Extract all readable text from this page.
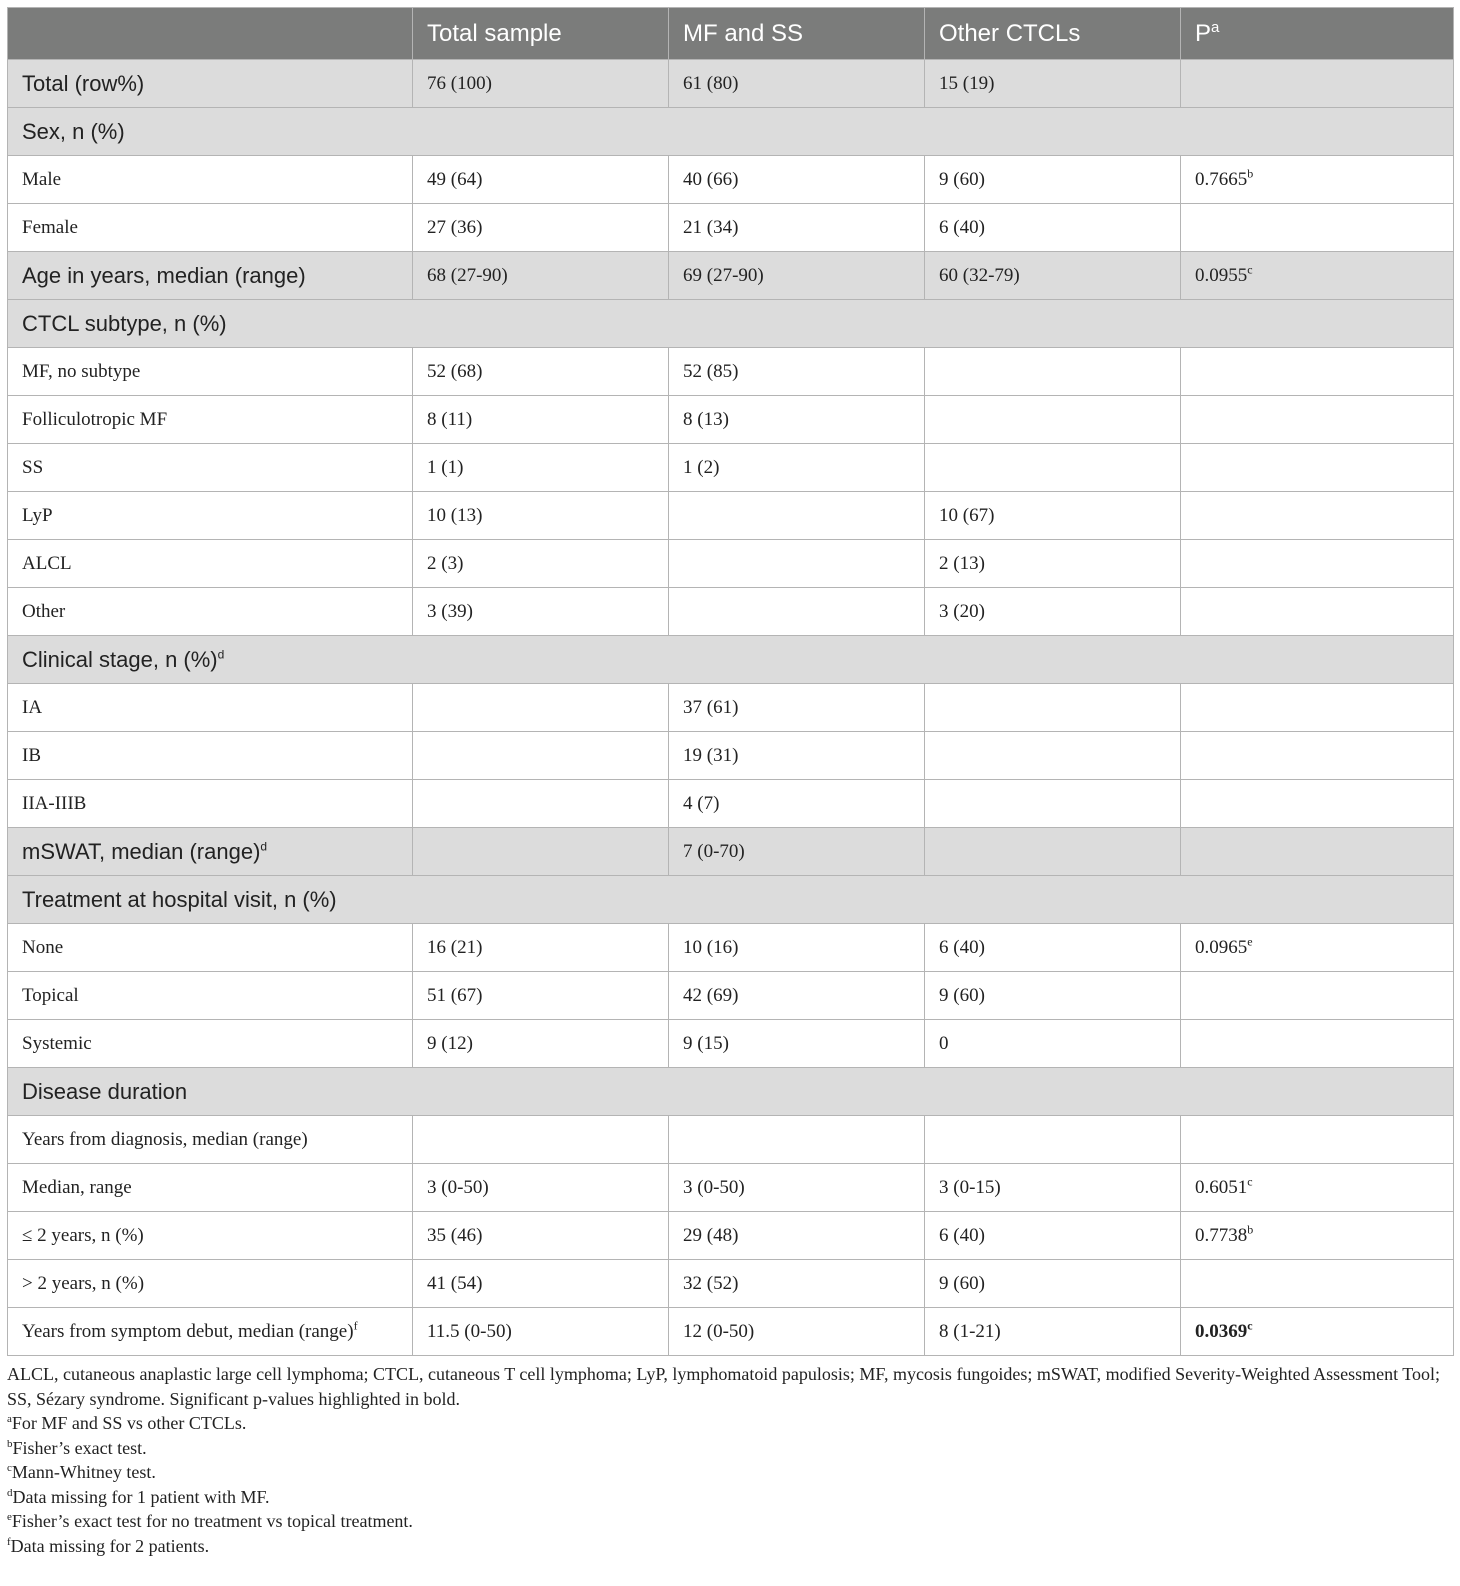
	Total sample	MF and SS	Other CTCLs	$P^a$
Total (row%)	76 (100)	61 (80)	15 (19)	
Sex, n (%)				
Male	49 (64)	40 (66)	9 (60)	0.7665$^b$
Female	27 (36)	21 (34)	6 (40)	
Age in years, median (range)	68 (27-90)	69 (27-90)	60 (32-79)	0.0955$^c$
CTCL subtype, n (%)				
MF, no subtype	52 (68)	52 (85)		
Folliculotropic MF	8 (11)	8 (13)		
SS	1 (1)	1 (2)		
LyP	10 (13)		10 (67)	
ALCL	2 (3)		2 (13)	
Other	3 (39)		3 (20)	
Clinical stage, n (%)$^d$
IA		37 (61)		
IB		19 (31)		
IIA-IIIB		4 (7)		
mSWAT, median (range)$^d$		7 (0-70)		
Treatment at hospital visit, n (%)				
None	16 (21)	10 (16)	6 (40)	0.0965e
Topical	51 (67)	42 (69)	9 (60)	
Systemic	9 (12)	9 (15)	0	
Disease duration				
Years from diagnosis, median (range)				
Median, range	3 (0-50)	3 (0-50)	3 (0-15)	0.6051$^c$
≤ 2 years, n (%)	35 (46)	29 (48)	6 (40)	0.7738$^b$
> 2 years, n (%)	41 (54)	32 (52)	9 (60)	
Years from symptom debut, median (range)$^f$	11.5 (0-50)	12 (0-50)	8 (1-21)	0.0369$^c$

ALCL, cutaneous anaplastic large cell lymphoma; CTCL, cutaneous T cell lymphoma; LyP, lymphomatoid papulosis; MF, mycosis fungoides; mSWAT, modified Severity-Weighted Assessment Tool; SS, Sézary syndrome. Significant p-values highlighted in bold.

$^a$For MF and SS vs other CTCLs.

$^b$Fisher’s exact test.

$^c$Mann-Whitney test.

$^d$Data missing for 1 patient with MF.

$^e$Fisher’s exact test for no treatment vs topical treatment.

$^f$Data missing for 2 patients.
